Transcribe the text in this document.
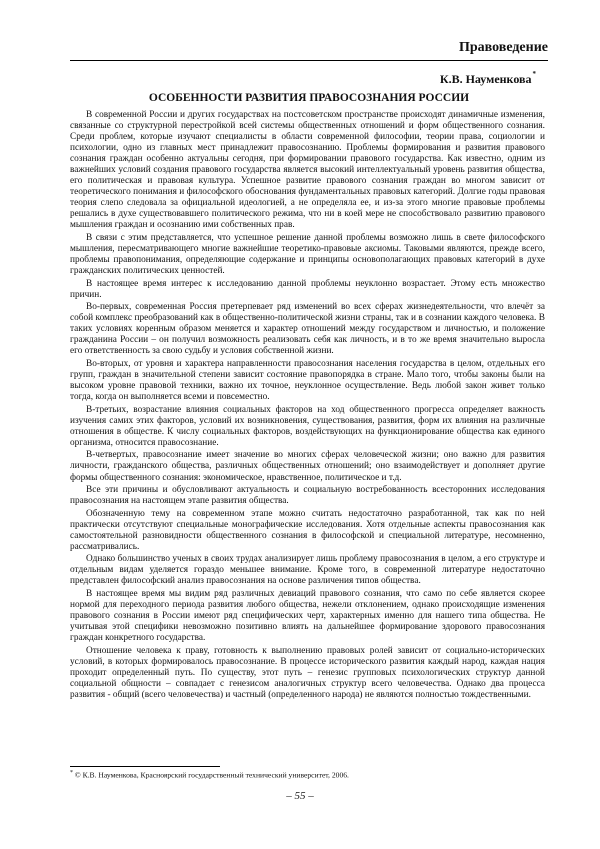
Правоведение
К.В. Науменкова*
ОСОБЕННОСТИ РАЗВИТИЯ ПРАВОСОЗНАНИЯ РОССИИ

В современной России и других государствах на постсоветском пространстве происходят динамичные изменения, связанные со структурной перестройкой всей системы общественных отношений и форм общественного сознания. Среди проблем, которые изучают специалисты в области современной философии, теории права, социологии и психологии, одно из главных мест принадлежит правосознанию. Проблемы формирования и развития правового сознания граждан особенно актуальны сегодня, при формировании правового государства. Как известно, одним из важнейших условий создания правового государства является высокий интеллектуальный уровень развития общества, его политическая и правовая культура. Успешное развитие правового сознания граждан во многом зависит от теоретического понимания и философского обоснования фундаментальных правовых категорий. Долгие годы правовая теория слепо следовала за официальной идеологией, а не определяла ее, и из-за этого многие правовые проблемы решались в духе существовавшего политического режима, что ни в коей мере не способствовало развитию правового мышления граждан и осознанию ими собственных прав.

В связи с этим представляется, что успешное решение данной проблемы возможно лишь в свете философского мышления, пересматривающего многие важнейшие теоретико-правовые аксиомы. Таковыми являются, прежде всего, проблемы правопонимания, определяющие содержание и принципы основополагающих правовых категорий в духе гражданских политических ценностей.

В настоящее время интерес к исследованию данной проблемы неуклонно возрастает. Этому есть множество причин.

Во-первых, современная Россия претерпевает ряд изменений во всех сферах жизнедеятельности, что влечёт за собой комплекс преобразований как в общественно-политической жизни страны, так и в сознании каждого человека. В таких условиях коренным образом меняется и характер отношений между государством и личностью, и положение гражданина России – он получил возможность реализовать себя как личность, и в то же время значительно выросла его ответственность за свою судьбу и условия собственной жизни.

Во-вторых, от уровня и характера направленности правосознания населения государства в целом, отдельных его групп, граждан в значительной степени зависит состояние правопорядка в стране. Мало того, чтобы законы были на высоком уровне правовой техники, важно их точное, неуклонное осуществление. Ведь любой закон живет только тогда, когда он выполняется всеми и повсеместно.

В-третьих, возрастание влияния социальных факторов на ход общественного прогресса определяет важность изучения самих этих факторов, условий их возникновения, существования, развития, форм их влияния на различные отношения в обществе. К числу социальных факторов, воздействующих на функционирование общества как единого организма, относится правосознание.

В-четвертых, правосознание имеет значение во многих сферах человеческой жизни; оно важно для развития личности, гражданского общества, различных общественных отношений; оно взаимодействует и дополняет другие формы общественного сознания: экономическое, нравственное, политическое и т.д.

Все эти причины и обусловливают актуальность и социальную востребованность всесторонних исследования правосознания на настоящем этапе развития общества.

Обозначенную тему на современном этапе можно считать недостаточно разработанной, так как по ней практически отсутствуют специальные монографические исследования. Хотя отдельные аспекты правосознания как самостоятельной разновидности общественного сознания в философской и специальной литературе, несомненно, рассматривались.

Однако большинство ученых в своих трудах анализирует лишь проблему правосознания в целом, а его структуре и отдельным видам уделяется гораздо меньшее внимание. Кроме того, в современной литературе недостаточно представлен философский анализ правосознания на основе различения типов общества.

В настоящее время мы видим ряд различных девиаций правового сознания, что само по себе является скорее нормой для переходного периода развития любого общества, нежели отклонением, однако происходящие изменения правового сознания в России имеют ряд специфических черт, характерных именно для нашего типа общества. Не учитывая этой специфики невозможно позитивно влиять на дальнейшее формирование здорового правосознания граждан конкретного государства.

Отношение человека к праву, готовность к выполнению правовых ролей зависит от социально-исторических условий, в которых формировалось правосознание. В процессе исторического развития каждый народ, каждая нация проходит определенный путь. По существу, этот путь – генезис групповых психологических структур данной социальной общности – совпадает с генезисом аналогичных структур всего человечества. Однако два процесса развития - общий (всего человечества) и частный (определенного народа) не являются полностью тождественными.

* © К.В. Науменкова, Красноярский государственный технический университет, 2006.
– 55 –
